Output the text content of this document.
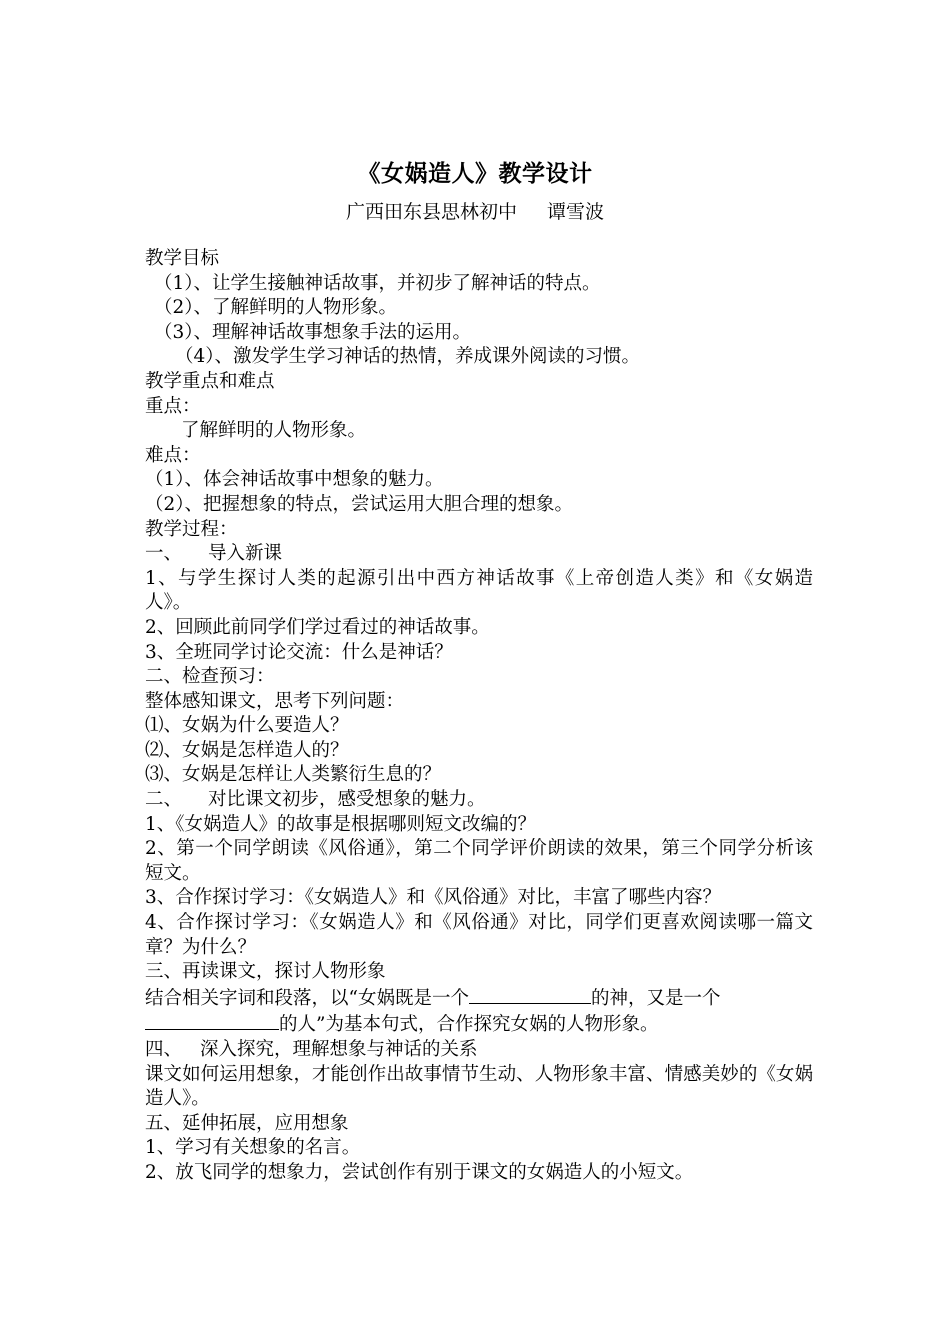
《女娲造人》教学设计
广西田东县思林初中 谭雪波
教学目标
（1）、让学生接触神话故事，并初步了解神话的特点。
（2）、了解鲜明的人物形象。
（3）、理解神话故事想象手法的运用。
（4）、激发学生学习神话的热情，养成课外阅读的习惯。
教学重点和难点
重点：
了解鲜明的人物形象。
难点：
（1）、体会神话故事中想象的魅力。
（2）、把握想象的特点，尝试运用大胆合理的想象。
教学过程：
一、 导入新课
1、与学生探讨人类的起源引出中西方神话故事《上帝创造人类》和《女娲造人》。
2、回顾此前同学们学过看过的神话故事。
3、全班同学讨论交流：什么是神话？
二、检查预习：
整体感知课文，思考下列问题：
⑴、女娲为什么要造人？
⑵、女娲是怎样造人的？
⑶、女娲是怎样让人类繁衍生息的？
二、 对比课文初步，感受想象的魅力。
1、《女娲造人》的故事是根据哪则短文改编的？
2、第一个同学朗读《风俗通》，第二个同学评价朗读的效果，第三个同学分析该短文。
3、合作探讨学习：《女娲造人》和《风俗通》对比，丰富了哪些内容？
4、合作探讨学习：《女娲造人》和《风俗通》对比，同学们更喜欢阅读哪一篇文章？为什么？
三、再读课文，探讨人物形象
结合相关字词和段落，以“女娲既是一个	的神，又是一个
的人”为基本句式，合作探究女娲的人物形象。
四、 深入探究，理解想象与神话的关系
课文如何运用想象，才能创作出故事情节生动、人物形象丰富、情感美妙的《女娲造人》。
五、延伸拓展，应用想象
1、学习有关想象的名言。
2、放飞同学的想象力，尝试创作有别于课文的女娲造人的小短文。
